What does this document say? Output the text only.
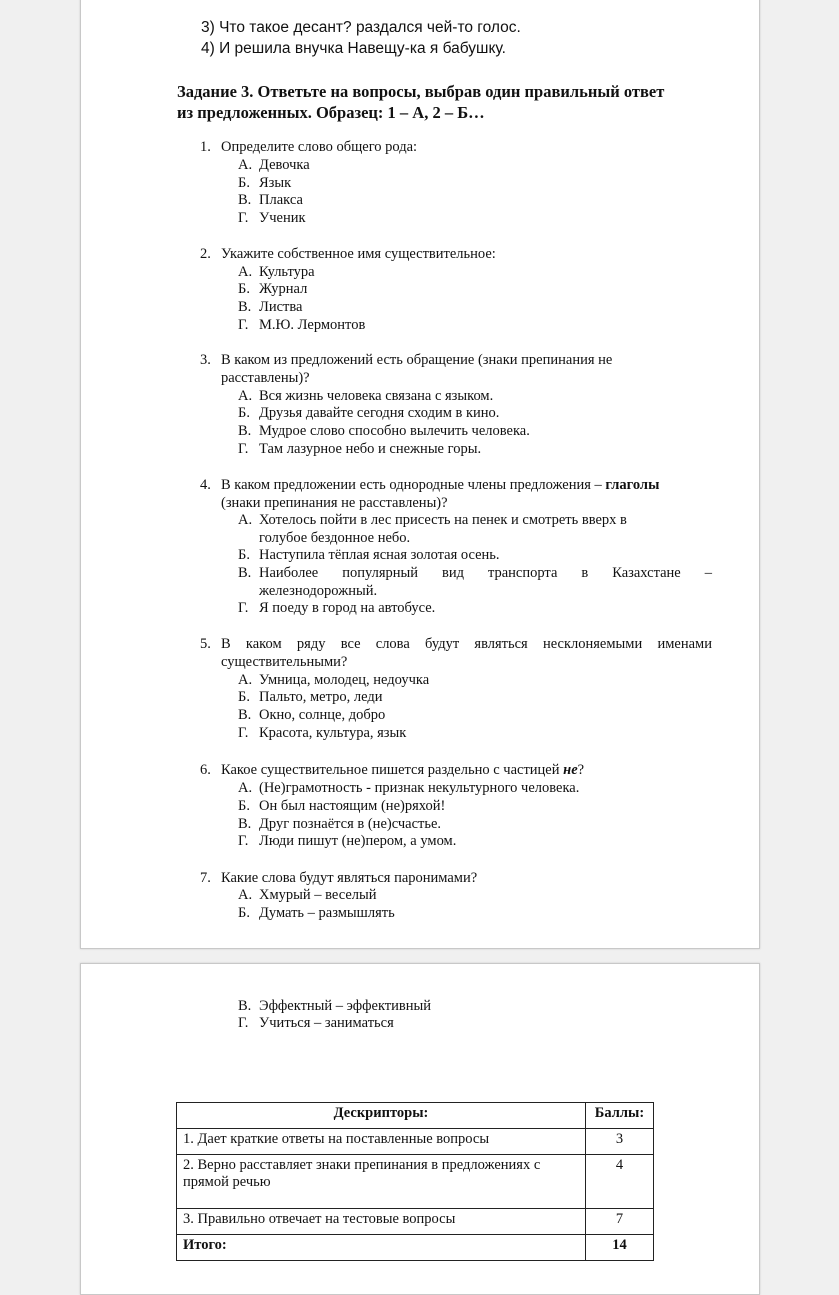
3) Что такое десант? раздался чей-то голос.
4) И решила внучка Навещу-ка я бабушку.
Задание 3. Ответьте на вопросы, выбрав один правильный ответ
из предложенных. Образец: 1 – А, 2 – Б…
1. Определите слово общего рода:
А. Девочка
Б. Язык
В. Плакса
Г. Ученик
2. Укажите собственное имя существительное:
А. Культура
Б. Журнал
В. Листва
Г. М.Ю. Лермонтов
3. В каком из предложений есть обращение (знаки препинания не
расставлены)?
А. Вся жизнь человека связана с языком.
Б. Друзья давайте сегодня сходим в кино.
В. Мудрое слово способно вылечить человека.
Г. Там лазурное небо и снежные горы.
4. В каком предложении есть однородные члены предложения – глаголы
(знаки препинания не расставлены)?
А. Хотелось пойти в лес присесть на пенек и смотреть вверх в
голубое бездонное небо.
Б. Наступила тёплая ясная золотая осень.
В. Наиболее популярный вид транспорта в Казахстане –
железнодорожный.
Г. Я поеду в город на автобусе.
5. В каком ряду все слова будут являться несклоняемыми именами
существительными?
А. Умница, молодец, недоучка
Б. Пальто, метро, леди
В. Окно, солнце, добро
Г. Красота, культура, язык
6. Какое существительное пишется раздельно с частицей не?
А. (Не)грамотность - признак некультурного человека.
Б. Он был настоящим (не)ряхой!
В. Друг познаётся в (не)счастье.
Г. Люди пишут (не)пером, а умом.
7. Какие слова будут являться паронимами?
А. Хмурый – веселый
Б. Думать – размышлять
В. Эффектный – эффективный
Г. Учиться – заниматься
Дескрипторы:	Баллы:
1. Дает краткие ответы на поставленные вопросы	3

2. Верно расставляет знаки препинания в предложениях с
прямой речью	4
3. Правильно отвечает на тестовые вопросы	7
Итого:	14
